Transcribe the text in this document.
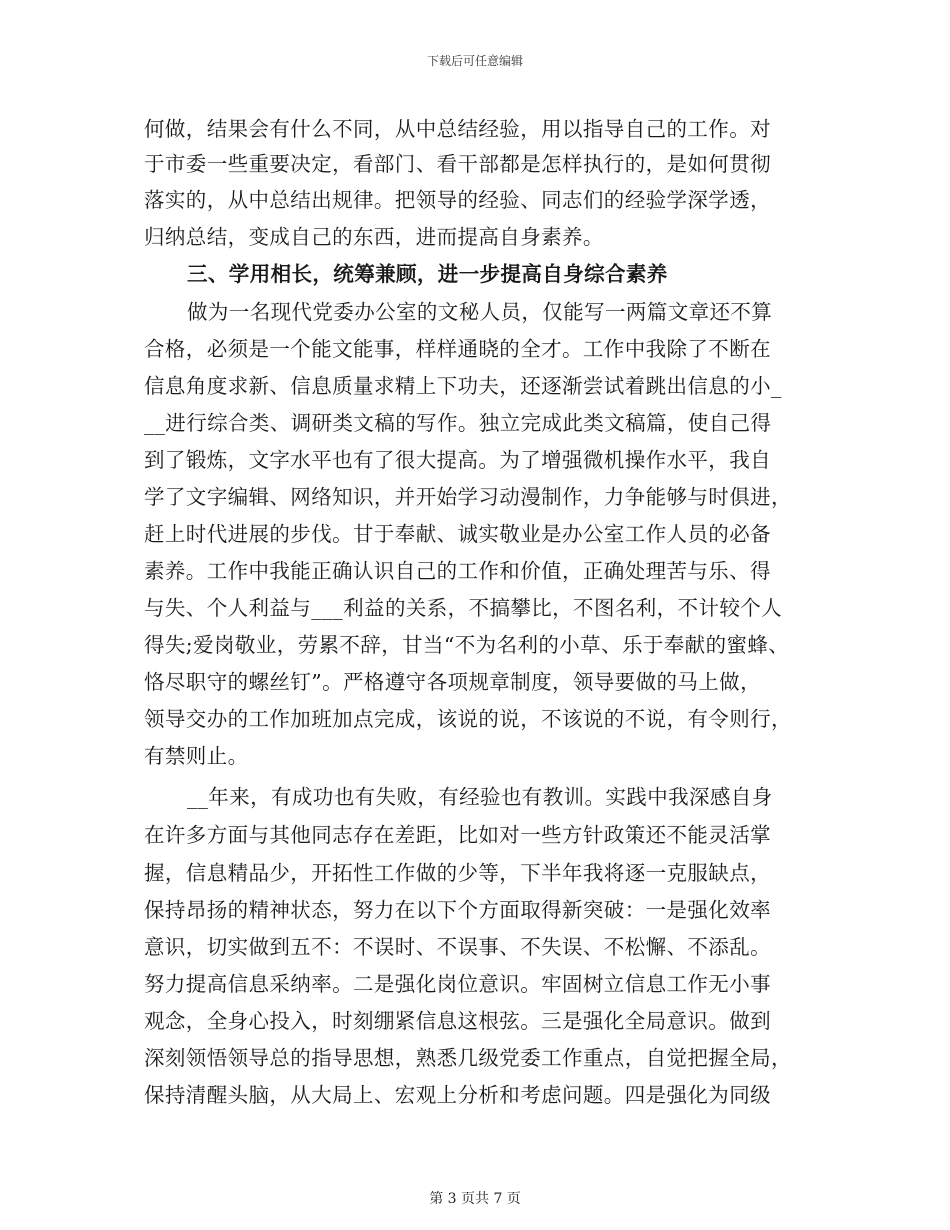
下载后可任意编辑
何做，结果会有什么不同，从中总结经验，用以指导自己的工作。对
于市委一些重要决定，看部门、看干部都是怎样执行的，是如何贯彻
落实的，从中总结出规律。把领导的经验、同志们的经验学深学透，
归纳总结，变成自己的东西，进而提高自身素养。
三、学用相长，统筹兼顾，进一步提高自身综合素养
做为一名现代党委办公室的文秘人员，仅能写一两篇文章还不算
合格，必须是一个能文能事，样样通晓的全才。工作中我除了不断在
信息角度求新、信息质量求精上下功夫，还逐渐尝试着跳出信息的小_
__进行综合类、调研类文稿的写作。独立完成此类文稿篇，使自己得
到了锻炼，文字水平也有了很大提高。为了增强微机操作水平，我自
学了文字编辑、网络知识，并开始学习动漫制作，力争能够与时俱进，
赶上时代进展的步伐。甘于奉献、诚实敬业是办公室工作人员的必备
素养。工作中我能正确认识自己的工作和价值，正确处理苦与乐、得
与失、个人利益与___利益的关系，不搞攀比，不图名利，不计较个人
得失;爱岗敬业，劳累不辞，甘当“不为名利的小草、乐于奉献的蜜蜂、
恪尽职守的螺丝钉”。严格遵守各项规章制度，领导要做的马上做，
领导交办的工作加班加点完成，该说的说，不该说的不说，有令则行，
有禁则止。
__年来，有成功也有失败，有经验也有教训。实践中我深感自身
在许多方面与其他同志存在差距，比如对一些方针政策还不能灵活掌
握，信息精品少，开拓性工作做的少等，下半年我将逐一克服缺点，
保持昂扬的精神状态，努力在以下个方面取得新突破：一是强化效率
意识，切实做到五不：不误时、不误事、不失误、不松懈、不添乱。
努力提高信息采纳率。二是强化岗位意识。牢固树立信息工作无小事
观念，全身心投入，时刻绷紧信息这根弦。三是强化全局意识。做到
深刻领悟领导总的指导思想，熟悉几级党委工作重点，自觉把握全局，
保持清醒头脑，从大局上、宏观上分析和考虑问题。四是强化为同级
第 3 页共 7 页
